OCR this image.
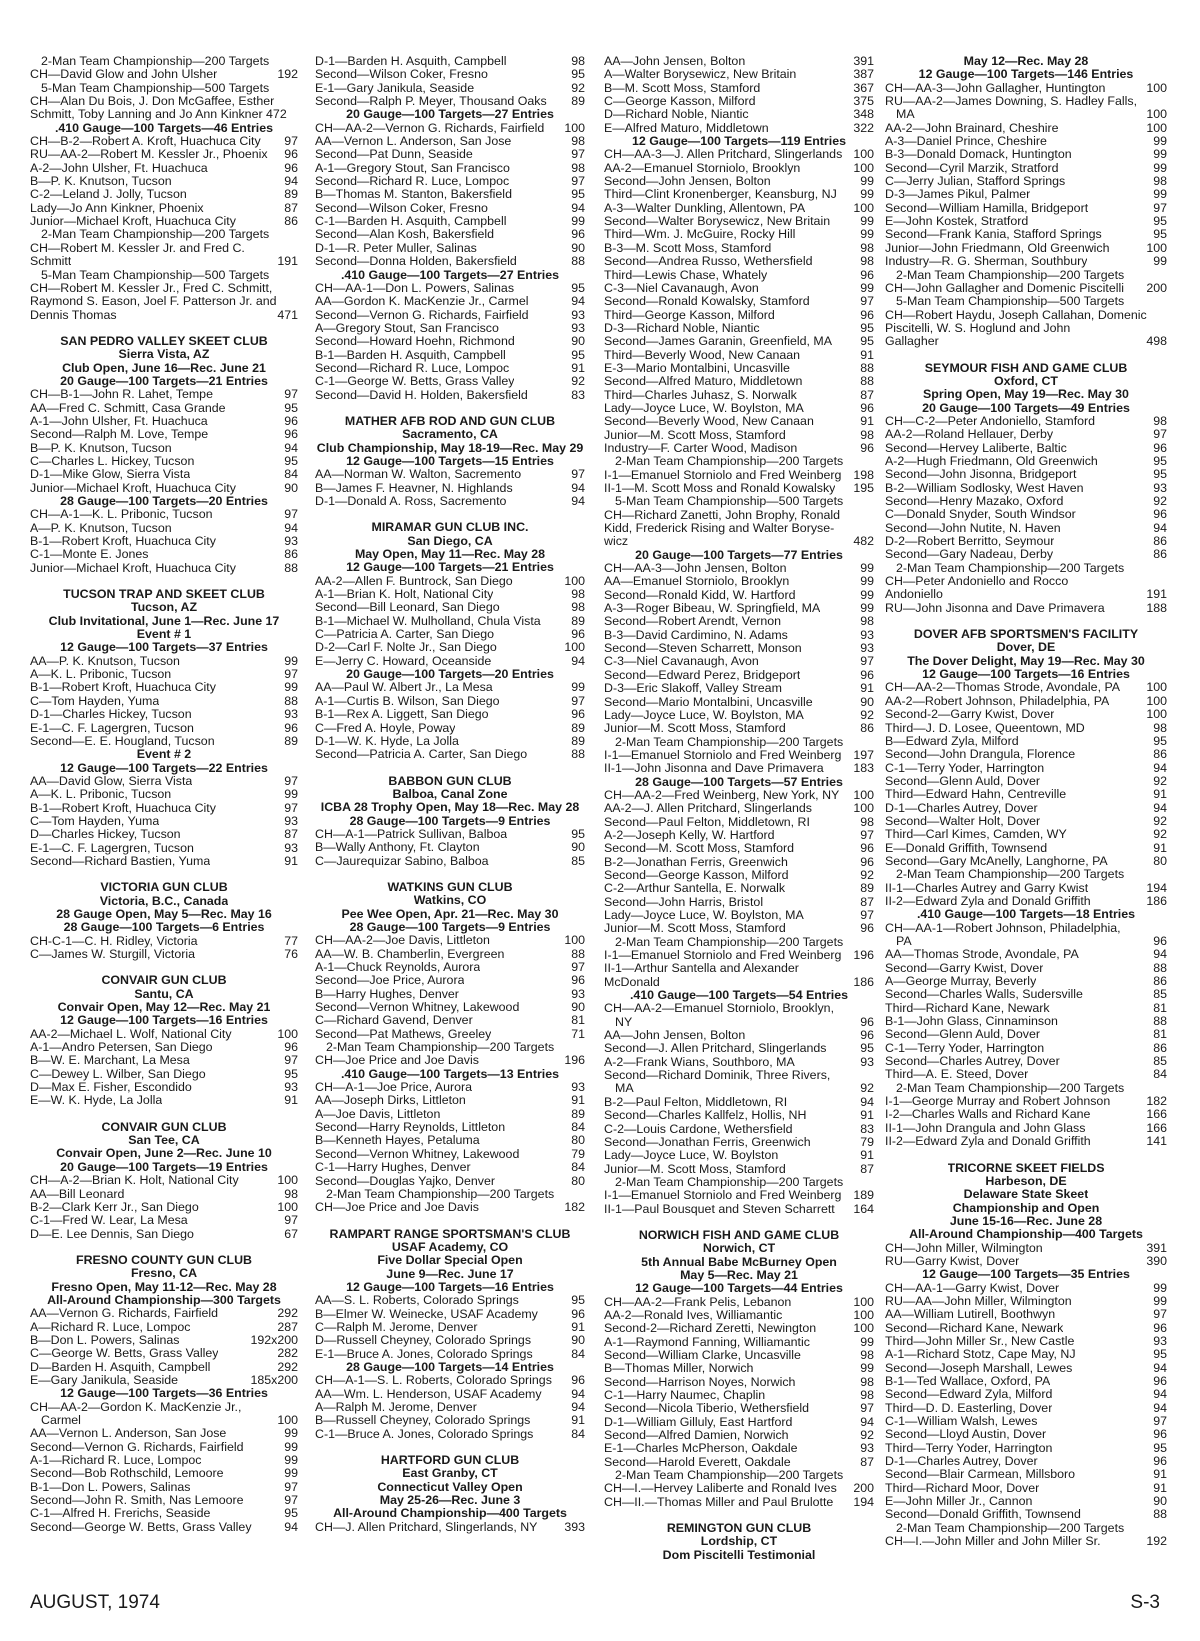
2-Man Team Championship—200 Targets
CH—David Glow and John Ulsher	192
5-Man Team Championship—500 Targets
CH—Alan Du Bois, J. Don McGaffee, Esther Schmitt, Toby Lanning and Jo Ann Kinkner 472
.410 Gauge—100 Targets—46 Entries
CH—B-2—Robert A. Kroft, Huachuca City	97
RU—AA-2—Robert M. Kessler Jr., Phoenix	96
A-2—John Ulsher, Ft. Huachuca	96
B—P. K. Knutson, Tucson	94
C-2—Leland J. Jolly, Tucson	89
Lady—Jo Ann Kinkner, Phoenix	87
Junior—Michael Kroft, Huachuca City	86
2-Man Team Championship—200 Targets
CH—Robert M. Kessler Jr. and Fred C.
Schmitt	191
5-Man Team Championship—500 Targets
CH—Robert M. Kessler Jr., Fred C. Schmitt,
Raymond S. Eason, Joel F. Patterson Jr. and
Dennis Thomas	471
SAN PEDRO VALLEY SKEET CLUB
Sierra Vista, AZ
Club Open, June 16—Rec. June 21
20 Gauge—100 Targets—21 Entries
CH—B-1—John R. Lahet, Tempe	97
AA—Fred C. Schmitt, Casa Grande	95
A-1—John Ulsher, Ft. Huachuca	96
Second—Ralph M. Love, Tempe	96
B—P. K. Knutson, Tucson	94
C—Charles L. Hickey, Tucson	95
D-1—Mike Glow, Sierra Vista	84
Junior—Michael Kroft, Huachuca City	90
28 Gauge—100 Targets—20 Entries
CH—A-1—K. L. Pribonic, Tucson	97
A—P. K. Knutson, Tucson	94
B-1—Robert Kroft, Huachuca City	93
C-1—Monte E. Jones	86
Junior—Michael Kroft, Huachuca City	88
TUCSON TRAP AND SKEET CLUB
Tucson, AZ
Club Invitational, June 1—Rec. June 17
Event # 1
12 Gauge—100 Targets—37 Entries
AA—P. K. Knutson, Tucson	99
A—K. L. Pribonic, Tucson	97
B-1—Robert Kroft, Huachuca City	99
C—Tom Hayden, Yuma	88
D-1—Charles Hickey, Tucson	93
E-1—C. F. Lagergren, Tucson	96
Second—E. E. Hougland, Tucson	89
Event # 2
12 Gauge—100 Targets—22 Entries
AA—David Glow, Sierra Vista	97
A—K. L. Pribonic, Tucson	99
B-1—Robert Kroft, Huachuca City	97
C—Tom Hayden, Yuma	93
D—Charles Hickey, Tucson	87
E-1—C. F. Lagergren, Tucson	93
Second—Richard Bastien, Yuma	91
VICTORIA GUN CLUB
Victoria, B.C., Canada
28 Gauge Open, May 5—Rec. May 16
28 Gauge—100 Targets—6 Entries
CH-C-1—C. H. Ridley, Victoria	77
C—James W. Sturgill, Victoria	76
CONVAIR GUN CLUB
Santu, CA
Convair Open, May 12—Rec. May 21
12 Gauge—100 Targets—16 Entries
AA-2—Michael L. Wolf, National City	100
A-1—Andro Petersen, San Diego	96
B—W. E. Marchant, La Mesa	97
C—Dewey L. Wilber, San Diego	95
D—Max E. Fisher, Escondido	93
E—W. K. Hyde, La Jolla	91
CONVAIR GUN CLUB
San Tee, CA
Convair Open, June 2—Rec. June 10
20 Gauge—100 Targets—19 Entries
CH—A-2—Brian K. Holt, National City	100
AA—Bill Leonard	98
B-2—Clark Kerr Jr., San Diego	100
C-1—Fred W. Lear, La Mesa	97
D—E. Lee Dennis, San Diego	67
FRESNO COUNTY GUN CLUB
Fresno, CA
Fresno Open, May 11-12—Rec. May 28
All-Around Championship—300 Targets
AA—Vernon G. Richards, Fairfield	292
A—Richard R. Luce, Lompoc	287
B—Don L. Powers, Salinas	192x200
C—George W. Betts, Grass Valley	282
D—Barden H. Asquith, Campbell	292
E—Gary Janikula, Seaside	185x200
12 Gauge—100 Targets—36 Entries
CH—AA-2—Gordon K. MacKenzie Jr.,
Carmel	100
AA—Vernon L. Anderson, San Jose	99
Second—Vernon G. Richards, Fairfield	99
A-1—Richard R. Luce, Lompoc	99
Second—Bob Rothschild, Lemoore	99
B-1—Don L. Powers, Salinas	97
Second—John R. Smith, Nas Lemoore	97
C-1—Alfred H. Frerichs, Seaside	95
Second—George W. Betts, Grass Valley	94
D-1—Barden H. Asquith, Campbell	98
Second—Wilson Coker, Fresno	95
E-1—Gary Janikula, Seaside	92
Second—Ralph P. Meyer, Thousand Oaks	89
20 Gauge—100 Targets—27 Entries
CH—AA-2—Vernon G. Richards, Fairfield	100
AA—Vernon L. Anderson, San Jose	98
Second—Pat Dunn, Seaside	97
A-1—Gregory Stout, San Francisco	98
Second—Richard R. Luce, Lompoc	97
B—Thomas M. Stanton, Bakersfield	95
Second—Wilson Coker, Fresno	94
C-1—Barden H. Asquith, Campbell	99
Second—Alan Kosh, Bakersfield	96
D-1—R. Peter Muller, Salinas	90
Second—Donna Holden, Bakersfield	88
.410 Gauge—100 Targets—27 Entries
CH—AA-1—Don L. Powers, Salinas	95
AA—Gordon K. MacKenzie Jr., Carmel	94
Second—Vernon G. Richards, Fairfield	93
A—Gregory Stout, San Francisco	93
Second—Howard Hoehn, Richmond	90
B-1—Barden H. Asquith, Campbell	95
Second—Richard R. Luce, Lompoc	91
C-1—George W. Betts, Grass Valley	92
Second—David H. Holden, Bakersfield	83
MATHER AFB ROD AND GUN CLUB
Sacramento, CA
Club Championship, May 18-19—Rec. May 29
12 Gauge—100 Targets—15 Entries
AA—Norman W. Walton, Sacremento	97
B—James F. Heavner, N. Highlands	94
D-1—Donald A. Ross, Sacremento	94
MIRAMAR GUN CLUB INC.
San Diego, CA
May Open, May 11—Rec. May 28
12 Gauge—100 Targets—21 Entries
AA-2—Allen F. Buntrock, San Diego	100
A-1—Brian K. Holt, National City	98
Second—Bill Leonard, San Diego	98
B-1—Michael W. Mulholland, Chula Vista	89
C—Patricia A. Carter, San Diego	96
D-2—Carl F. Nolte Jr., San Diego	100
E—Jerry C. Howard, Oceanside	94
20 Gauge—100 Targets—20 Entries
AA—Paul W. Albert Jr., La Mesa	99
A-1—Curtis B. Wilson, San Diego	97
B-1—Rex A. Liggett, San Diego	96
C—Fred A. Hoyle, Poway	89
D-1—W. K. Hyde, La Jolla	89
Second—Patricia A. Carter, San Diego	88
BABBON GUN CLUB
Balboa, Canal Zone
ICBA 28 Trophy Open, May 18—Rec. May 28
28 Gauge—100 Targets—9 Entries
CH—A-1—Patrick Sullivan, Balboa	95
B—Wally Anthony, Ft. Clayton	90
C—Jaurequizar Sabino, Balboa	85
WATKINS GUN CLUB
Watkins, CO
Pee Wee Open, Apr. 21—Rec. May 30
28 Gauge—100 Targets—9 Entries
CH—AA-2—Joe Davis, Littleton	100
AA—W. B. Chamberlin, Evergreen	88
A-1—Chuck Reynolds, Aurora	97
Second—Joe Price, Aurora	96
B—Harry Hughes, Denver	93
Second—Vernon Whitney, Lakewood	90
C—Richard Gavend, Denver	81
Second—Pat Mathews, Greeley	71
2-Man Team Championship—200 Targets
CH—Joe Price and Joe Davis	196
.410 Gauge—100 Targets—13 Entries
CH—A-1—Joe Price, Aurora	93
AA—Joseph Dirks, Littleton	91
A—Joe Davis, Littleton	89
Second—Harry Reynolds, Littleton	84
B—Kenneth Hayes, Petaluma	80
Second—Vernon Whitney, Lakewood	79
C-1—Harry Hughes, Denver	84
Second—Douglas Yajko, Denver	80
2-Man Team Championship—200 Targets
CH—Joe Price and Joe Davis	182
RAMPART RANGE SPORTSMAN'S CLUB
USAF Academy, CO
Five Dollar Special Open
June 9—Rec. June 17
12 Gauge—100 Targets—16 Entries
AA—S. L. Roberts, Colorado Springs	95
B—Elmer W. Weinecke, USAF Academy	96
C—Ralph M. Jerome, Denver	91
D—Russell Cheyney, Colorado Springs	90
E-1—Bruce A. Jones, Colorado Springs	84
28 Gauge—100 Targets—14 Entries
CH—A-1—S. L. Roberts, Colorado Springs	96
AA—Wm. L. Henderson, USAF Academy	94
A—Ralph M. Jerome, Denver	94
B—Russell Cheyney, Colorado Springs	91
C-1—Bruce A. Jones, Colorado Springs	84
HARTFORD GUN CLUB
East Granby, CT
Connecticut Valley Open
May 25-26—Rec. June 3
All-Around Championship—400 Targets
CH—J. Allen Pritchard, Slingerlands, NY	393
AA—John Jensen, Bolton	391
A—Walter Borysewicz, New Britain	387
B—M. Scott Moss, Stamford	367
C—George Kasson, Milford	375
D—Richard Noble, Niantic	348
E—Alfred Maturo, Middletown	322
12 Gauge—100 Targets—119 Entries
CH—AA-3—J. Allen Pritchard, Slingerlands 100
AA-2—Emanuel Storniolo, Brooklyn	100
Second—John Jensen, Bolton	99
Third—Clint Kronenberger, Keansburg, NJ	99
A-3—Walter Dunkling, Allentown, PA	100
Second—Walter Borysewicz, New Britain	99
Third—Wm. J. McGuire, Rocky Hill	99
B-3—M. Scott Moss, Stamford	98
Second—Andrea Russo, Wethersfield	98
Third—Lewis Chase, Whately	96
C-3—Niel Cavanaugh, Avon	99
Second—Ronald Kowalsky, Stamford	97
Third—George Kasson, Milford	96
D-3—Richard Noble, Niantic	95
Second—James Garanin, Greenfield, MA	95
Third—Beverly Wood, New Canaan	91
E-3—Mario Montalbini, Uncasville	88
Second—Alfred Maturo, Middletown	88
Third—Charles Juhasz, S. Norwalk	87
Lady—Joyce Luce, W. Boylston, MA	96
Second—Beverly Wood, New Canaan	91
Junior—M. Scott Moss, Stamford	98
Industry—F. Carter Wood, Madison	96
2-Man Team Championship—200 Targets
I-1—Emanuel Storniolo and Fred Weinberg 198
II-1—M. Scott Moss and Ronald Kowalsky	195
5-Man Team Championship—500 Targets
CH—Richard Zanetti, John Brophy, Ronald
Kidd, Frederick Rising and Walter Boryse-
wicz	482
20 Gauge—100 Targets—77 Entries
CH—AA-3—John Jensen, Bolton	99
AA—Emanuel Storniolo, Brooklyn	99
Second—Ronald Kidd, W. Hartford	99
A-3—Roger Bibeau, W. Springfield, MA	99
Second—Robert Arendt, Vernon	98
B-3—David Cardimino, N. Adams	93
Second—Steven Scharrett, Monson	93
C-3—Niel Cavanaugh, Avon	97
Second—Edward Perez, Bridgeport	96
D-3—Eric Slakoff, Valley Stream	91
Second—Mario Montalbini, Uncasville	90
Lady—Joyce Luce, W. Boylston, MA	92
Junior—M. Scott Moss, Stamford	86
2-Man Team Championship—200 Targets
I-1—Emanuel Storniolo and Fred Weinberg 197
II-1—John Jisonna and Dave Primavera	183
28 Gauge—100 Targets—57 Entries
CH—AA-2—Fred Weinberg, New York, NY	100
AA-2—J. Allen Pritchard, Slingerlands	100
Second—Paul Felton, Middletown, RI	98
A-2—Joseph Kelly, W. Hartford	97
Second—M. Scott Moss, Stamford	96
B-2—Jonathan Ferris, Greenwich	96
Second—George Kasson, Milford	92
C-2—Arthur Santella, E. Norwalk	89
Second—John Harris, Bristol	87
Lady—Joyce Luce, W. Boylston, MA	97
Junior—M. Scott Moss, Stamford	96
2-Man Team Championship—200 Targets
I-1—Emanuel Storniolo and Fred Weinberg 196
II-1—Arthur Santella and Alexander
McDonald	186
.410 Gauge—100 Targets—54 Entries
CH—AA-2—Emanuel Storniolo, Brooklyn,
NY	96
AA—John Jensen, Bolton	96
Second—J. Allen Pritchard, Slingerlands	95
A-2—Frank Wians, Southboro, MA	93
Second—Richard Dominik, Three Rivers,
MA	92
B-2—Paul Felton, Middletown, RI	94
Second—Charles Kallfelz, Hollis, NH	91
C-2—Louis Cardone, Wethersfield	83
Second—Jonathan Ferris, Greenwich	79
Lady—Joyce Luce, W. Boylston	91
Junior—M. Scott Moss, Stamford	87
2-Man Team Championship—200 Targets
I-1—Emanuel Storniolo and Fred Weinberg 189
II-1—Paul Bousquet and Steven Scharrett	164
NORWICH FISH AND GAME CLUB
Norwich, CT
5th Annual Babe McBurney Open
May 5—Rec. May 21
12 Gauge—100 Targets—44 Entries
CH—AA-2—Frank Pelis, Lebanon	100
AA-2—Ronald Ives, Williamantic	100
Second-2—Richard Zeretti, Newington	100
A-1—Raymond Fanning, Williamantic	99
Second—William Clarke, Uncasville	98
B—Thomas Miller, Norwich	99
Second—Harrison Noyes, Norwich	98
C-1—Harry Naumec, Chaplin	98
Second—Nicola Tiberio, Wethersfield	97
D-1—William Gilluly, East Hartford	94
Second—Alfred Damien, Norwich	92
E-1—Charles McPherson, Oakdale	93
Second—Harold Everett, Oakdale	87
2-Man Team Championship—200 Targets
CH—I.—Hervey Laliberte and Ronald Ives	200
CH—II.—Thomas Miller and Paul Brulotte	194
REMINGTON GUN CLUB
Lordship, CT
Dom Piscitelli Testimonial
May 12—Rec. May 28
12 Gauge—100 Targets—146 Entries
CH—AA-3—John Gallagher, Huntington	100
RU—AA-2—James Downing, S. Hadley Falls,
MA	100
AA-2—John Brainard, Cheshire	100
A-3—Daniel Prince, Cheshire	99
B-3—Donald Domack, Huntington	99
Second—Cyril Marzik, Stratford	99
C—Jerry Julian, Stafford Springs	98
D-3—James Pikul, Palmer	99
Second—William Hamilla, Bridgeport	97
E—John Kostek, Stratford	95
Second—Frank Kania, Stafford Springs	95
Junior—John Friedmann, Old Greenwich	100
Industry—R. G. Sherman, Southbury	99
2-Man Team Championship—200 Targets
CH—John Gallagher and Domenic Piscitelli	200
5-Man Team Championship—500 Targets
CH—Robert Haydu, Joseph Callahan, Domenic
Piscitelli, W. S. Hoglund and John
Gallagher	498
SEYMOUR FISH AND GAME CLUB
Oxford, CT
Spring Open, May 19—Rec. May 30
20 Gauge—100 Targets—49 Entries
CH—C-2—Peter Andoniello, Stamford	98
AA-2—Roland Hellauer, Derby	97
Second—Hervey Laliberte, Baltic	96
A-2—Hugh Friedmann, Old Greenwich	95
Second—John Jisonna, Bridgeport	95
B-2—William Sodlosky, West Haven	93
Second—Henry Mazako, Oxford	92
C—Donald Snyder, South Windsor	96
Second—John Nutite, N. Haven	94
D-2—Robert Berritto, Seymour	86
Second—Gary Nadeau, Derby	86
2-Man Team Championship—200 Targets
CH—Peter Andoniello and Rocco
Andoniello	191
RU—John Jisonna and Dave Primavera	188
DOVER AFB SPORTSMEN'S FACILITY
Dover, DE
The Dover Delight, May 19—Rec. May 30
12 Gauge—100 Targets—16 Entries
CH—AA-2—Thomas Strode, Avondale, PA	100
AA-2—Robert Johnson, Philadelphia, PA	100
Second-2—Garry Kwist, Dover	100
Third—J. D. Losee, Queentown, MD	98
B—Edward Zyla, Milford	95
Second—John Drangula, Florence	86
C-1—Terry Yoder, Harrington	94
Second—Glenn Auld, Dover	92
Third—Edward Hahn, Centreville	91
D-1—Charles Autrey, Dover	94
Second—Walter Holt, Dover	92
Third—Carl Kimes, Camden, WY	92
E—Donald Griffith, Townsend	91
Second—Gary McAnelly, Langhorne, PA	80
2-Man Team Championship—200 Targets
II-1—Charles Autrey and Garry Kwist	194
II-2—Edward Zyla and Donald Griffith	186
.410 Gauge—100 Targets—18 Entries
CH—AA-1—Robert Johnson, Philadelphia,
PA	96
AA—Thomas Strode, Avondale, PA	94
Second—Garry Kwist, Dover	88
A—George Murray, Beverly	86
Second—Charles Walls, Sudersville	85
Third—Richard Kane, Newark	81
B-1—John Glass, Cinnaminson	88
Second—Glenn Auld, Dover	81
C-1—Terry Yoder, Harrington	86
Second—Charles Autrey, Dover	85
Third—A. E. Steed, Dover	84
2-Man Team Championship—200 Targets
I-1—George Murray and Robert Johnson	182
I-2—Charles Walls and Richard Kane	166
II-1—John Drangula and John Glass	166
II-2—Edward Zyla and Donald Griffith	141
TRICORNE SKEET FIELDS
Harbeson, DE
Delaware State Skeet
Championship and Open
June 15-16—Rec. June 28
All-Around Championship—400 Targets
CH—John Miller, Wilmington	391
RU—Garry Kwist, Dover	390
12 Gauge—100 Targets—35 Entries
CH—AA-1—Garry Kwist, Dover	99
RU—AA—John Miller, Wilmington	99
AA—William Lutirell, Boothwyn	97
Second—Richard Kane, Newark	96
Third—John Miller Sr., New Castle	93
A-1—Richard Stotz, Cape May, NJ	95
Second—Joseph Marshall, Lewes	94
B-1—Ted Wallace, Oxford, PA	96
Second—Edward Zyla, Milford	94
Third—D. D. Easterling, Dover	94
C-1—William Walsh, Lewes	97
Second—Lloyd Austin, Dover	96
Third—Terry Yoder, Harrington	95
D-1—Charles Autrey, Dover	96
Second—Blair Carmean, Millsboro	91
Third—Richard Moor, Dover	91
E—John Miller Jr., Cannon	90
Second—Donald Griffith, Townsend	88
2-Man Team Championship—200 Targets
CH—I.—John Miller and John Miller Sr.	192
AUGUST, 1974	S-3
